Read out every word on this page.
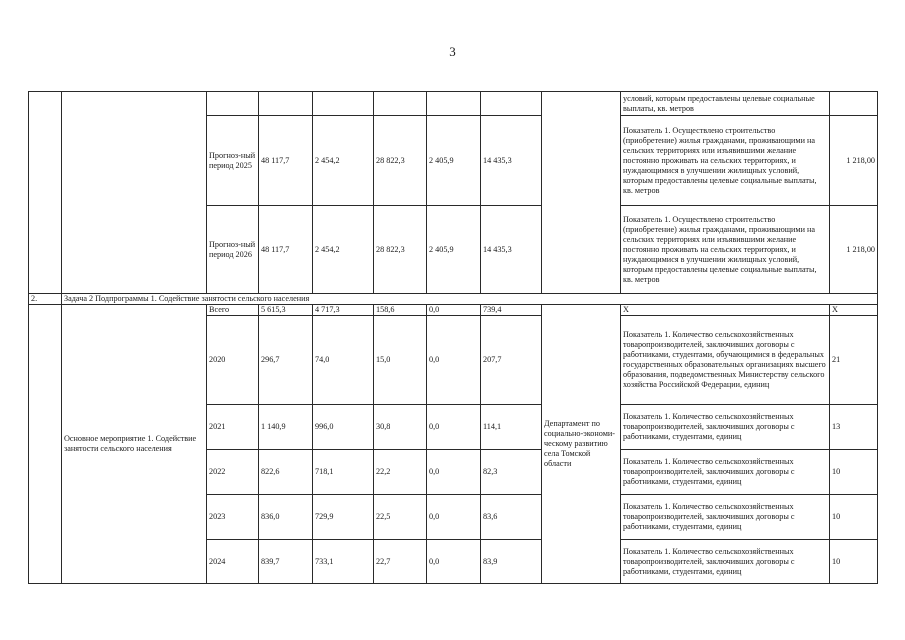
3
									условий, которым предоставлены целевые социальные выплаты, кв. метров	
		Прогноз-ный период 2025	48 117,7	2 454,2	28 822,3	2 405,9	14 435,3		Показатель 1. Осуществлено строительство (приобретение) жилья гражданами, проживающими на сельских территориях или изъявившими желание постоянно проживать на сельских территориях, и нуждающимися в улучшении жилищных условий, которым предоставлены целевые социальные выплаты, кв. метров	1 218,00
		Прогноз-ный период 2026	48 117,7	2 454,2	28 822,3	2 405,9	14 435,3		Показатель 1. Осуществлено строительство (приобретение) жилья гражданами, проживающими на сельских территориях или изъявившими желание постоянно проживать на сельских территориях, и нуждающимися в улучшении жилищных условий, которым предоставлены целевые социальные выплаты, кв. метров	1 218,00
2.	Задача 2 Подпрограммы 1. Содействие занятости сельского населения									
	Основное мероприятие 1. Содействие занятости сельского населения	Всего	5 615,3	4 717,3	158,6	0,0	739,4	Департамент по социально-экономи-ческому развитию села Томской области	Х	Х
		2020	296,7	74,0	15,0	0,0	207,7		Показатель 1. Количество сельскохозяйственных товаропроизводителей, заключивших договоры с работниками, студентами, обучающимися в федеральных государственных образовательных организациях высшего образования, подведомственных Министерству сельского хозяйства Российской Федерации, единиц	21
		2021	1 140,9	996,0	30,8	0,0	114,1		Показатель 1. Количество сельскохозяйственных товаропроизводителей, заключивших договоры с работниками, студентами, единиц	13
		2022	822,6	718,1	22,2	0,0	82,3		Показатель 1. Количество сельскохозяйственных товаропроизводителей, заключивших договоры с работниками, студентами, единиц	10
		2023	836,0	729,9	22,5	0,0	83,6		Показатель 1. Количество сельскохозяйственных товаропроизводителей, заключивших договоры с работниками, студентами, единиц	10
		2024	839,7	733,1	22,7	0,0	83,9		Показатель 1. Количество сельскохозяйственных товаропроизводителей, заключивших договоры с работниками, студентами, единиц	10
